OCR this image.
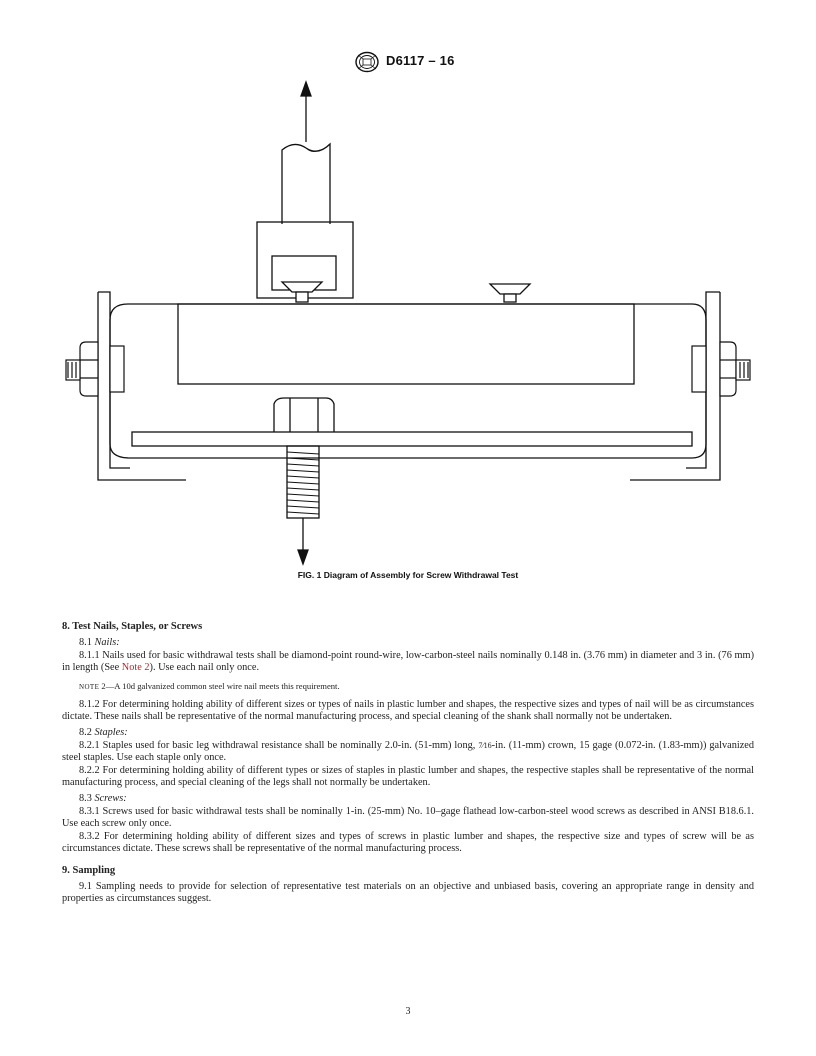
D6117 – 16
FIG. 1 Diagram of Assembly for Screw Withdrawal Test
8. Test Nails, Staples, or Screws

8.1 Nails:

8.1.1 Nails used for basic withdrawal tests shall be diamond-point round-wire, low-carbon-steel nails nominally 0.148 in. (3.76 mm) in diameter and 3 in. (76 mm) in length (See Note 2). Use each nail only once.

NOTE 2—A 10d galvanized common steel wire nail meets this requirement.

8.1.2 For determining holding ability of different sizes or types of nails in plastic lumber and shapes, the respective sizes and types of nail will be as circumstances dictate. These nails shall be representative of the normal manufacturing process, and special cleaning of the shank shall normally not be undertaken.

8.2 Staples:

8.2.1 Staples used for basic leg withdrawal resistance shall be nominally 2.0-in. (51-mm) long, 7⁄16-in. (11-mm) crown, 15 gage (0.072-in. (1.83-mm)) galvanized steel staples. Use each staple only once.

8.2.2 For determining holding ability of different types or sizes of staples in plastic lumber and shapes, the respective staples shall be representative of the normal manufacturing process, and special cleaning of the legs shall not normally be undertaken.

8.3 Screws:

8.3.1 Screws used for basic withdrawal tests shall be nominally 1-in. (25-mm) No. 10–gage flathead low-carbon-steel wood screws as described in ANSI B18.6.1. Use each screw only once.

8.3.2 For determining holding ability of different sizes and types of screws in plastic lumber and shapes, the respective size and types of screw will be as circumstances dictate. These screws shall be representative of the normal manufacturing process.

9. Sampling

9.1 Sampling needs to provide for selection of representative test materials on an objective and unbiased basis, covering an appropriate range in density and properties as circumstances suggest.

3
